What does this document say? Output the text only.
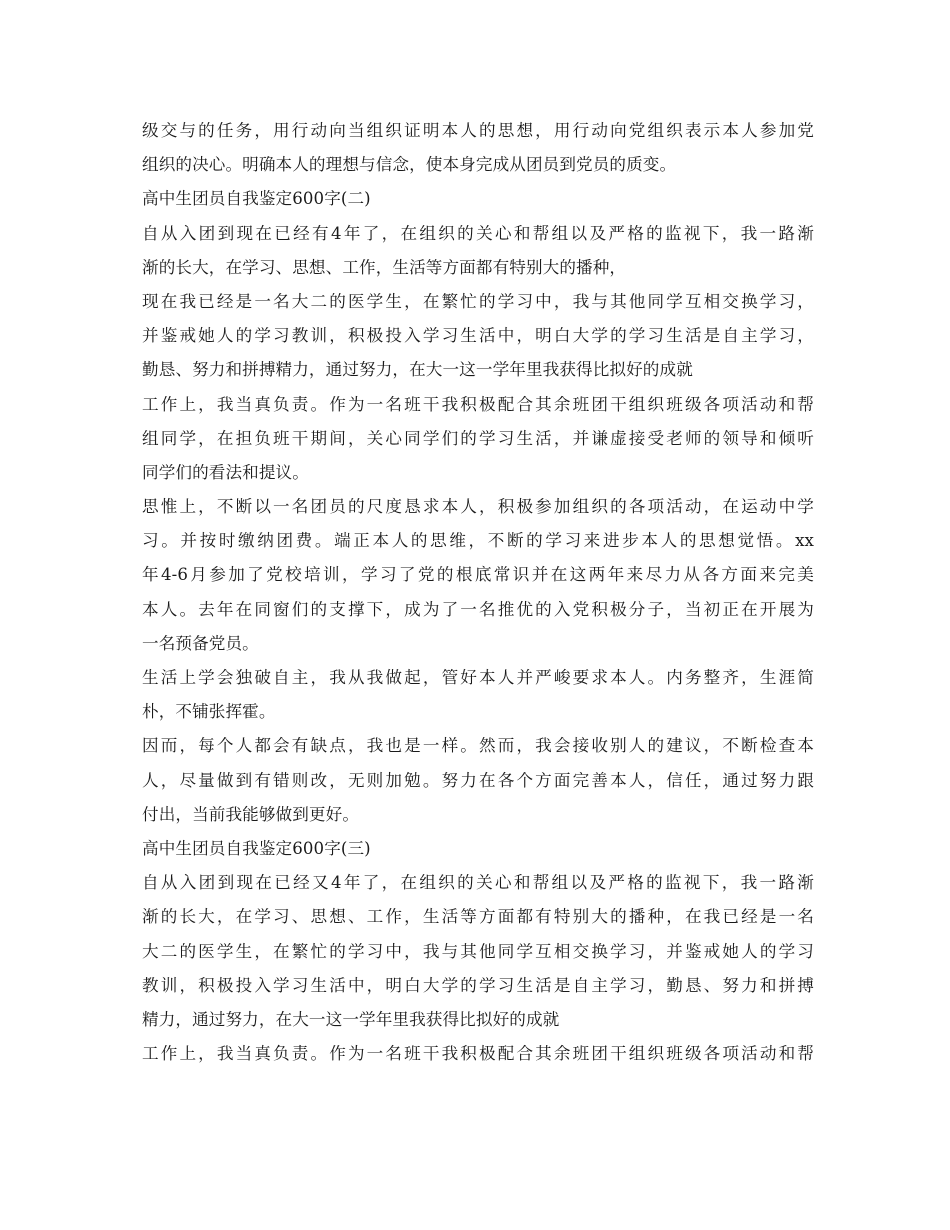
级交与的任务，用行动向当组织证明本人的思想，用行动向党组织表示本人参加党
组织的决心。明确本人的理想与信念，使本身完成从团员到党员的质变。
高中生团员自我鉴定600字(二)
自从入团到现在已经有4年了，在组织的关心和帮组以及严格的监视下，我一路渐
渐的长大，在学习、思想、工作，生活等方面都有特别大的播种，
现在我已经是一名大二的医学生，在繁忙的学习中，我与其他同学互相交换学习，
并鉴戒她人的学习教训，积极投入学习生活中，明白大学的学习生活是自主学习，
勤恳、努力和拼搏精力，通过努力，在大一这一学年里我获得比拟好的成就
工作上，我当真负责。作为一名班干我积极配合其余班团干组织班级各项活动和帮
组同学，在担负班干期间，关心同学们的学习生活，并谦虚接受老师的领导和倾听
同学们的看法和提议。
思惟上，不断以一名团员的尺度恳求本人，积极参加组织的各项活动，在运动中学
习。并按时缴纳团费。端正本人的思维，不断的学习来进步本人的思想觉悟。xx
年4-6月参加了党校培训，学习了党的根底常识并在这两年来尽力从各方面来完美
本人。去年在同窗们的支撑下，成为了一名推优的入党积极分子，当初正在开展为
一名预备党员。
生活上学会独破自主，我从我做起，管好本人并严峻要求本人。内务整齐，生涯简
朴，不铺张挥霍。
因而，每个人都会有缺点，我也是一样。然而，我会接收别人的建议，不断检查本
人，尽量做到有错则改，无则加勉。努力在各个方面完善本人，信任，通过努力跟
付出，当前我能够做到更好。
高中生团员自我鉴定600字(三)
自从入团到现在已经又4年了，在组织的关心和帮组以及严格的监视下，我一路渐
渐的长大，在学习、思想、工作，生活等方面都有特别大的播种，在我已经是一名
大二的医学生，在繁忙的学习中，我与其他同学互相交换学习，并鉴戒她人的学习
教训，积极投入学习生活中，明白大学的学习生活是自主学习，勤恳、努力和拼搏
精力，通过努力，在大一这一学年里我获得比拟好的成就
工作上，我当真负责。作为一名班干我积极配合其余班团干组织班级各项活动和帮
